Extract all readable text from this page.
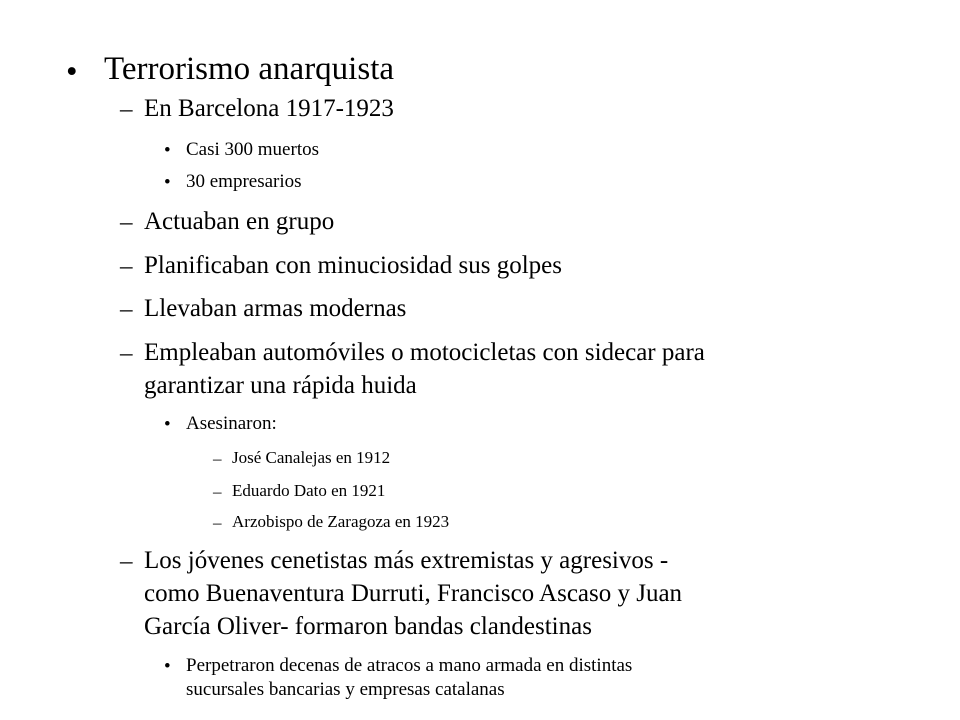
• Terrorismo anarquista
– En Barcelona 1917-1923
• Casi 300 muertos
• 30 empresarios
– Actuaban en grupo
– Planificaban con minuciosidad sus golpes
– Llevaban armas modernas
– Empleaban automóviles o motocicletas con sidecar para
garantizar una rápida huida
• Asesinaron:
– José Canalejas en 1912
– Eduardo Dato en 1921
– Arzobispo de Zaragoza en 1923
– Los jóvenes cenetistas más extremistas y agresivos -
como Buenaventura Durruti, Francisco Ascaso y Juan
García Oliver- formaron bandas clandestinas
• Perpetraron decenas de atracos a mano armada en distintas
sucursales bancarias y empresas catalanas
